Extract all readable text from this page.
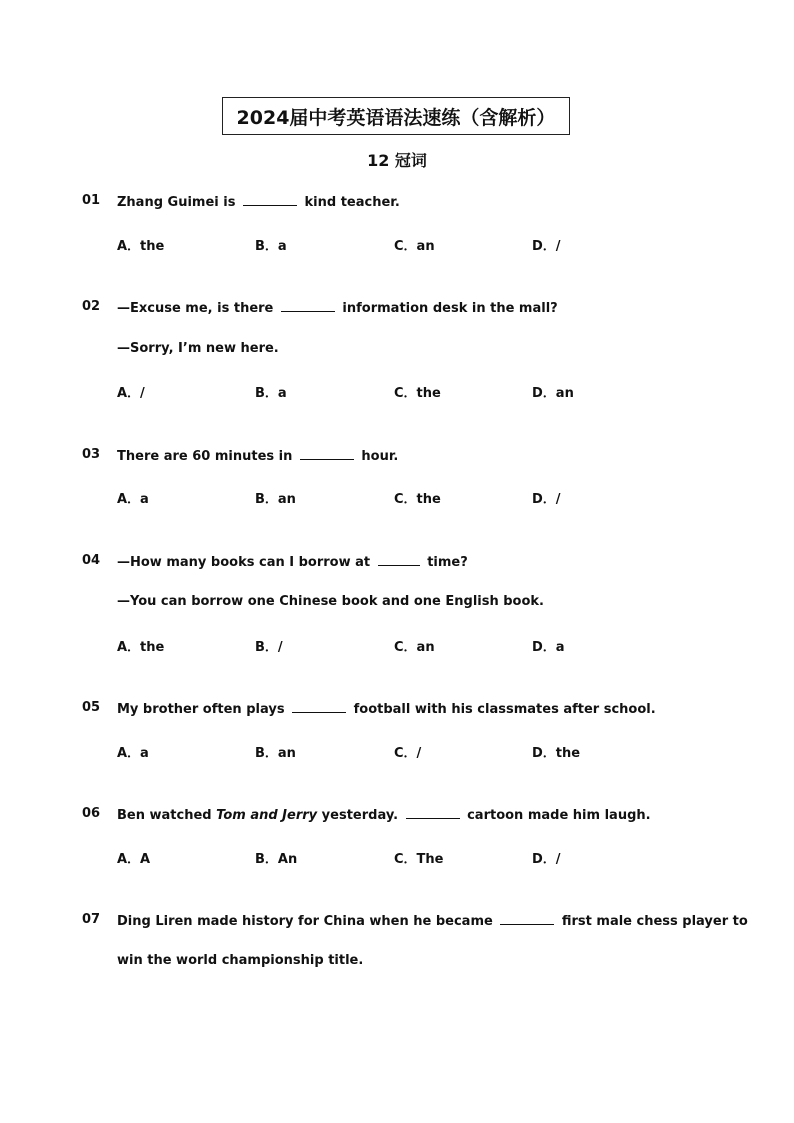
2024届中考英语语法速练（含解析）
12 冠词
01 Zhang Guimei is	kind teacher.
A．the	B．a	C．an	D．/
02 —Excuse me, is there	information desk in the mall?
—Sorry, I’m new here.
A．/	B．a	C．the	D．an
03 There are 60 minutes in	hour.
A．a	B．an	C．the	D．/
04 —How many books can I borrow at	time?
—You can borrow one Chinese book and one English book.
A．the	B．/	C．an	D．a
05 My brother often plays	football with his classmates after school.
A．a	B．an	C．/	D．the
06 Ben watched Tom and Jerry yesterday.	cartoon made him laugh.
A．A	B．An	C．The	D．/
07 Ding Liren made history for China when he became	first male chess player to
win the world championship title.
